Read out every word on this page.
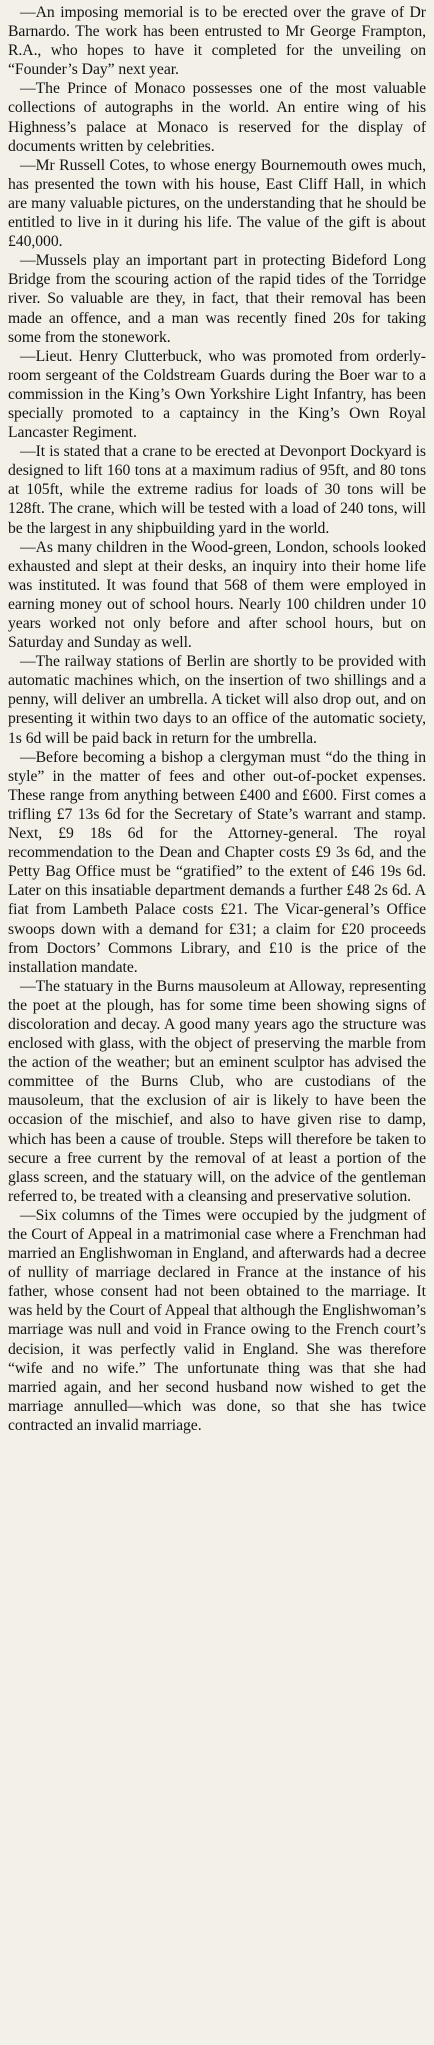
—An imposing memorial is to be erected over the grave of Dr Barnardo. The work has been entrusted to Mr George Frampton, R.A., who hopes to have it completed for the unveiling on “Founder’s Day” next year.

—The Prince of Monaco possesses one of the most valuable collections of autographs in the world. An entire wing of his Highness’s palace at Monaco is reserved for the display of documents written by celebrities.

—Mr Russell Cotes, to whose energy Bournemouth owes much, has presented the town with his house, East Cliff Hall, in which are many valuable pictures, on the understanding that he should be entitled to live in it during his life. The value of the gift is about £40,000.

—Mussels play an important part in protecting Bideford Long Bridge from the scouring action of the rapid tides of the Torridge river. So valuable are they, in fact, that their removal has been made an offence, and a man was recently fined 20s for taking some from the stonework.

—Lieut. Henry Clutterbuck, who was promoted from orderly-room sergeant of the Coldstream Guards during the Boer war to a commission in the King’s Own Yorkshire Light Infantry, has been specially promoted to a captaincy in the King’s Own Royal Lancaster Regiment.

—It is stated that a crane to be erected at Devonport Dockyard is designed to lift 160 tons at a maximum radius of 95ft, and 80 tons at 105ft, while the extreme radius for loads of 30 tons will be 128ft. The crane, which will be tested with a load of 240 tons, will be the largest in any shipbuilding yard in the world.

—As many children in the Wood-green, London, schools looked exhausted and slept at their desks, an inquiry into their home life was instituted. It was found that 568 of them were employed in earning money out of school hours. Nearly 100 children under 10 years worked not only before and after school hours, but on Saturday and Sunday as well.

—The railway stations of Berlin are shortly to be provided with automatic machines which, on the insertion of two shillings and a penny, will deliver an umbrella. A ticket will also drop out, and on presenting it within two days to an office of the automatic society, 1s 6d will be paid back in return for the umbrella.

—Before becoming a bishop a clergyman must “do the thing in style” in the matter of fees and other out-of-pocket expenses. These range from anything between £400 and £600. First comes a trifling £7 13s 6d for the Secretary of State’s warrant and stamp. Next, £9 18s 6d for the Attorney-general. The royal recommendation to the Dean and Chapter costs £9 3s 6d, and the Petty Bag Office must be “gratified” to the extent of £46 19s 6d. Later on this insatiable department demands a further £48 2s 6d. A fiat from Lambeth Palace costs £21. The Vicar-general’s Office swoops down with a demand for £31; a claim for £20 proceeds from Doctors’ Commons Library, and £10 is the price of the installation mandate.

—The statuary in the Burns mausoleum at Alloway, representing the poet at the plough, has for some time been showing signs of discoloration and decay. A good many years ago the structure was enclosed with glass, with the object of preserving the marble from the action of the weather; but an eminent sculptor has advised the committee of the Burns Club, who are custodians of the mausoleum, that the exclusion of air is likely to have been the occasion of the mischief, and also to have given rise to damp, which has been a cause of trouble. Steps will therefore be taken to secure a free current by the removal of at least a portion of the glass screen, and the statuary will, on the advice of the gentleman referred to, be treated with a cleansing and preservative solution.

—Six columns of the Times were occupied by the judgment of the Court of Appeal in a matrimonial case where a Frenchman had married an Englishwoman in England, and afterwards had a decree of nullity of marriage declared in France at the instance of his father, whose consent had not been obtained to the marriage. It was held by the Court of Appeal that although the Englishwoman’s marriage was null and void in France owing to the French court’s decision, it was perfectly valid in England. She was therefore “wife and no wife.” The unfortunate thing was that she had married again, and her second husband now wished to get the marriage annulled—which was done, so that she has twice contracted an invalid marriage.
